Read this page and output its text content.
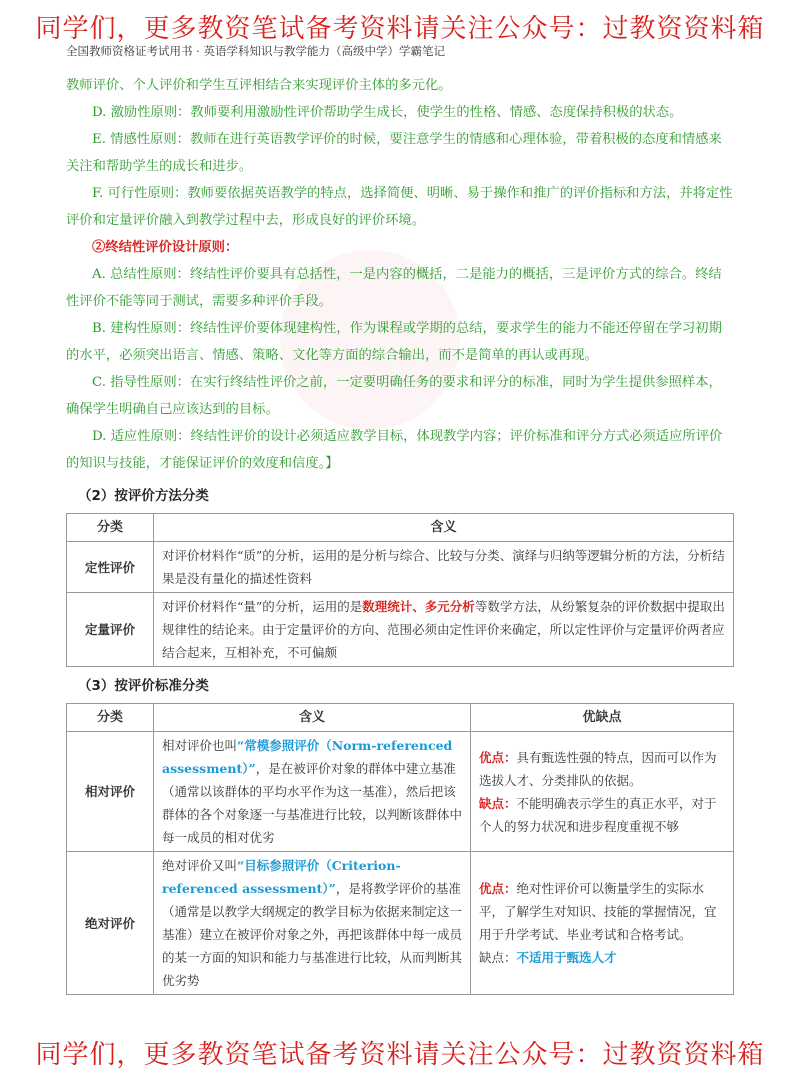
同学们，更多教资笔试备考资料请关注公众号：过教资资料箱
全国教师资格证考试用书 · 英语学科知识与教学能力（高级中学）学霸笔记

教师评价、个人评价和学生互评相结合来实现评价主体的多元化。

D. 激励性原则：教师要利用激励性评价帮助学生成长，使学生的性格、情感、态度保持积极的状态。

E. 情感性原则：教师在进行英语教学评价的时候，要注意学生的情感和心理体验，带着积极的态度和情感来关注和帮助学生的成长和进步。

F. 可行性原则：教师要依据英语教学的特点，选择简便、明晰、易于操作和推广的评价指标和方法，并将定性评价和定量评价融入到教学过程中去，形成良好的评价环境。

②终结性评价设计原则：

A. 总结性原则：终结性评价要具有总括性，一是内容的概括，二是能力的概括，三是评价方式的综合。终结性评价不能等同于测试，需要多种评价手段。

B. 建构性原则：终结性评价要体现建构性，作为课程或学期的总结，要求学生的能力不能还停留在学习初期的水平，必须突出语言、情感、策略、文化等方面的综合输出，而不是简单的再认或再现。

C. 指导性原则：在实行终结性评价之前，一定要明确任务的要求和评分的标准，同时为学生提供参照样本，确保学生明确自己应该达到的目标。

D. 适应性原则：终结性评价的设计必须适应教学目标，体现教学内容；评价标准和评分方式必须适应所评价的知识与技能，才能保证评价的效度和信度。】

（2）按评价方法分类
分类	含义
定性评价	对评价材料作“质”的分析，运用的是分析与综合、比较与分类、演绎与归纳等逻辑分析的方法，分析结果是没有量化的描述性资料
定量评价	对评价材料作“量”的分析，运用的是数理统计、多元分析等数学方法，从纷繁复杂的评价数据中提取出规律性的结论来。由于定量评价的方向、范围必须由定性评价来确定，所以定性评价与定量评价两者应结合起来，互相补充，不可偏颇
（3）按评价标准分类
分类	含义	优缺点
相对评价	相对评价也叫“常模参照评价（Norm-referenced assessment）”，是在被评价对象的群体中建立基准（通常以该群体的平均水平作为这一基准），然后把该群体的各个对象逐一与基准进行比较，以判断该群体中每一成员的相对优劣	优点：具有甄选性强的特点，因而可以作为选拔人才、分类排队的依据。
缺点：不能明确表示学生的真正水平，对于个人的努力状况和进步程度重视不够
绝对评价	绝对评价又叫“目标参照评价（Criterion-referenced assessment）”，是将教学评价的基准（通常是以教学大纲规定的教学目标为依据来制定这一基准）建立在被评价对象之外，再把该群体中每一成员的某一方面的知识和能力与基准进行比较，从而判断其优劣势	优点：绝对性评价可以衡量学生的实际水平，了解学生对知识、技能的掌握情况，宜用于升学考试、毕业考试和合格考试。
缺点：不适用于甄选人才
同学们，更多教资笔试备考资料请关注公众号：过教资资料箱
